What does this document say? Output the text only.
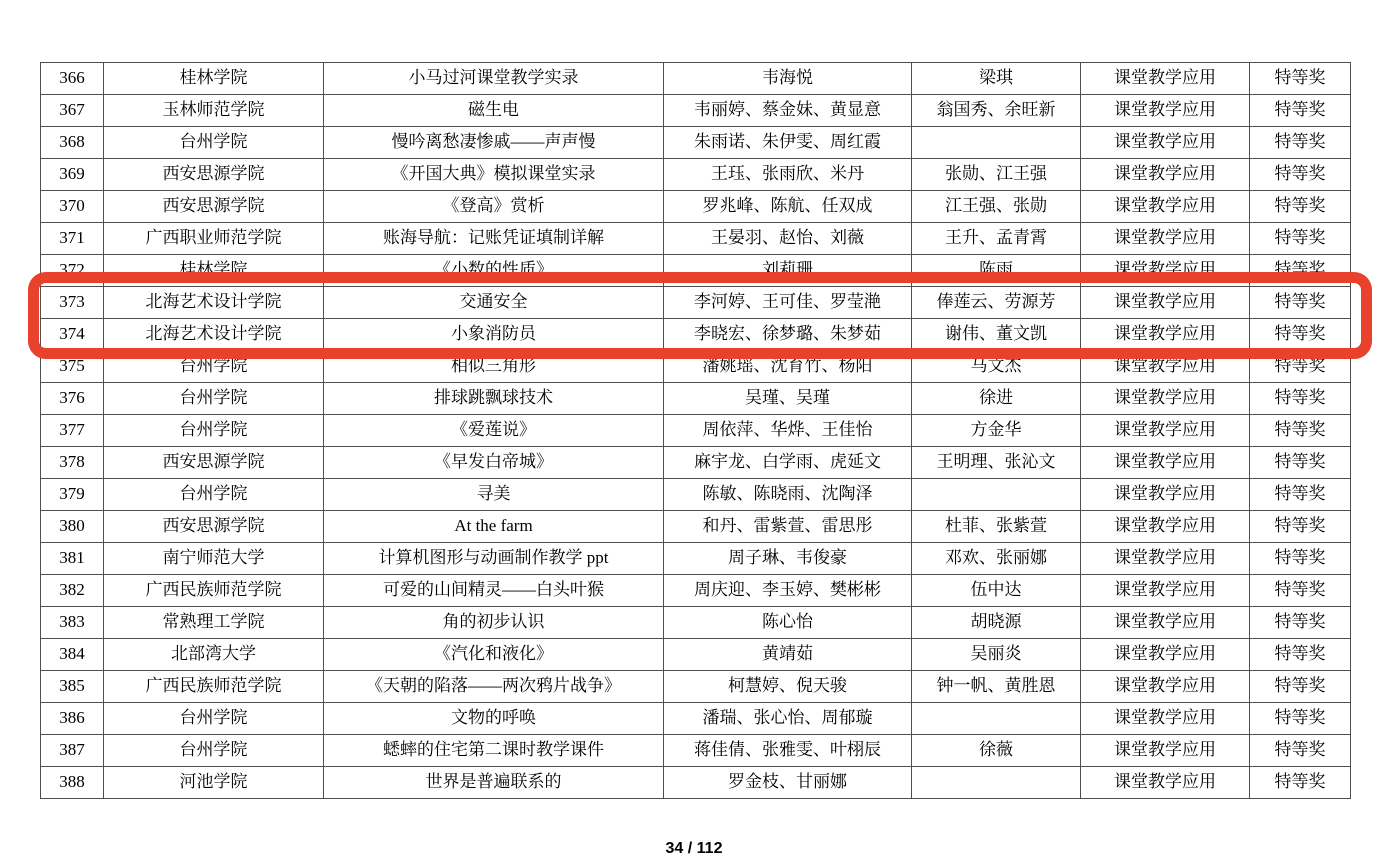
366	桂林学院	小马过河课堂教学实录	韦海悦	梁琪	课堂教学应用	特等奖
367	玉林师范学院	磁生电	韦丽婷、蔡金妹、黄显意	翁国秀、余旺新	课堂教学应用	特等奖
368	台州学院	慢吟离愁凄惨戚——声声慢	朱雨诺、朱伊雯、周红霞		课堂教学应用	特等奖
369	西安思源学院	《开国大典》模拟课堂实录	王珏、张雨欣、米丹	张勋、江王强	课堂教学应用	特等奖
370	西安思源学院	《登高》赏析	罗兆峰、陈航、任双成	江王强、张勋	课堂教学应用	特等奖
371	广西职业师范学院	账海导航：记账凭证填制详解	王晏羽、赵怡、刘薇	王升、孟青霄	课堂教学应用	特等奖
372	桂林学院	《小数的性质》	刘莉珊	陈雨	课堂教学应用	特等奖
373	北海艺术设计学院	交通安全	李河婷、王可佳、罗莹滟	俸莲云、劳源芳	课堂教学应用	特等奖
374	北海艺术设计学院	小象消防员	李晓宏、徐梦璐、朱梦茹	谢伟、董文凯	课堂教学应用	特等奖
375	台州学院	相似三角形	潘姚瑶、沈育竹、杨阳	马文杰	课堂教学应用	特等奖
376	台州学院	排球跳飘球技术	吴瑾、吴瑾	徐进	课堂教学应用	特等奖
377	台州学院	《爱莲说》	周依萍、华烨、王佳怡	方金华	课堂教学应用	特等奖
378	西安思源学院	《早发白帝城》	麻宇龙、白学雨、虎延文	王明理、张沁文	课堂教学应用	特等奖
379	台州学院	寻美	陈敏、陈晓雨、沈陶泽		课堂教学应用	特等奖
380	西安思源学院	At the farm	和丹、雷紫萱、雷思彤	杜菲、张紫萱	课堂教学应用	特等奖
381	南宁师范大学	计算机图形与动画制作教学 ppt	周子琳、韦俊豪	邓欢、张丽娜	课堂教学应用	特等奖
382	广西民族师范学院	可爱的山间精灵——白头叶猴	周庆迎、李玉婷、樊彬彬	伍中达	课堂教学应用	特等奖
383	常熟理工学院	角的初步认识	陈心怡	胡晓源	课堂教学应用	特等奖
384	北部湾大学	《汽化和液化》	黄靖茹	吴丽炎	课堂教学应用	特等奖
385	广西民族师范学院	《天朝的陷落——两次鸦片战争》	柯慧婷、倪天骏	钟一帆、黄胜恩	课堂教学应用	特等奖
386	台州学院	文物的呼唤	潘瑞、张心怡、周郁璇		课堂教学应用	特等奖
387	台州学院	蟋蟀的住宅第二课时教学课件	蒋佳倩、张雅雯、叶栩辰	徐薇	课堂教学应用	特等奖
388	河池学院	世界是普遍联系的	罗金枝、甘丽娜		课堂教学应用	特等奖
34 / 112
